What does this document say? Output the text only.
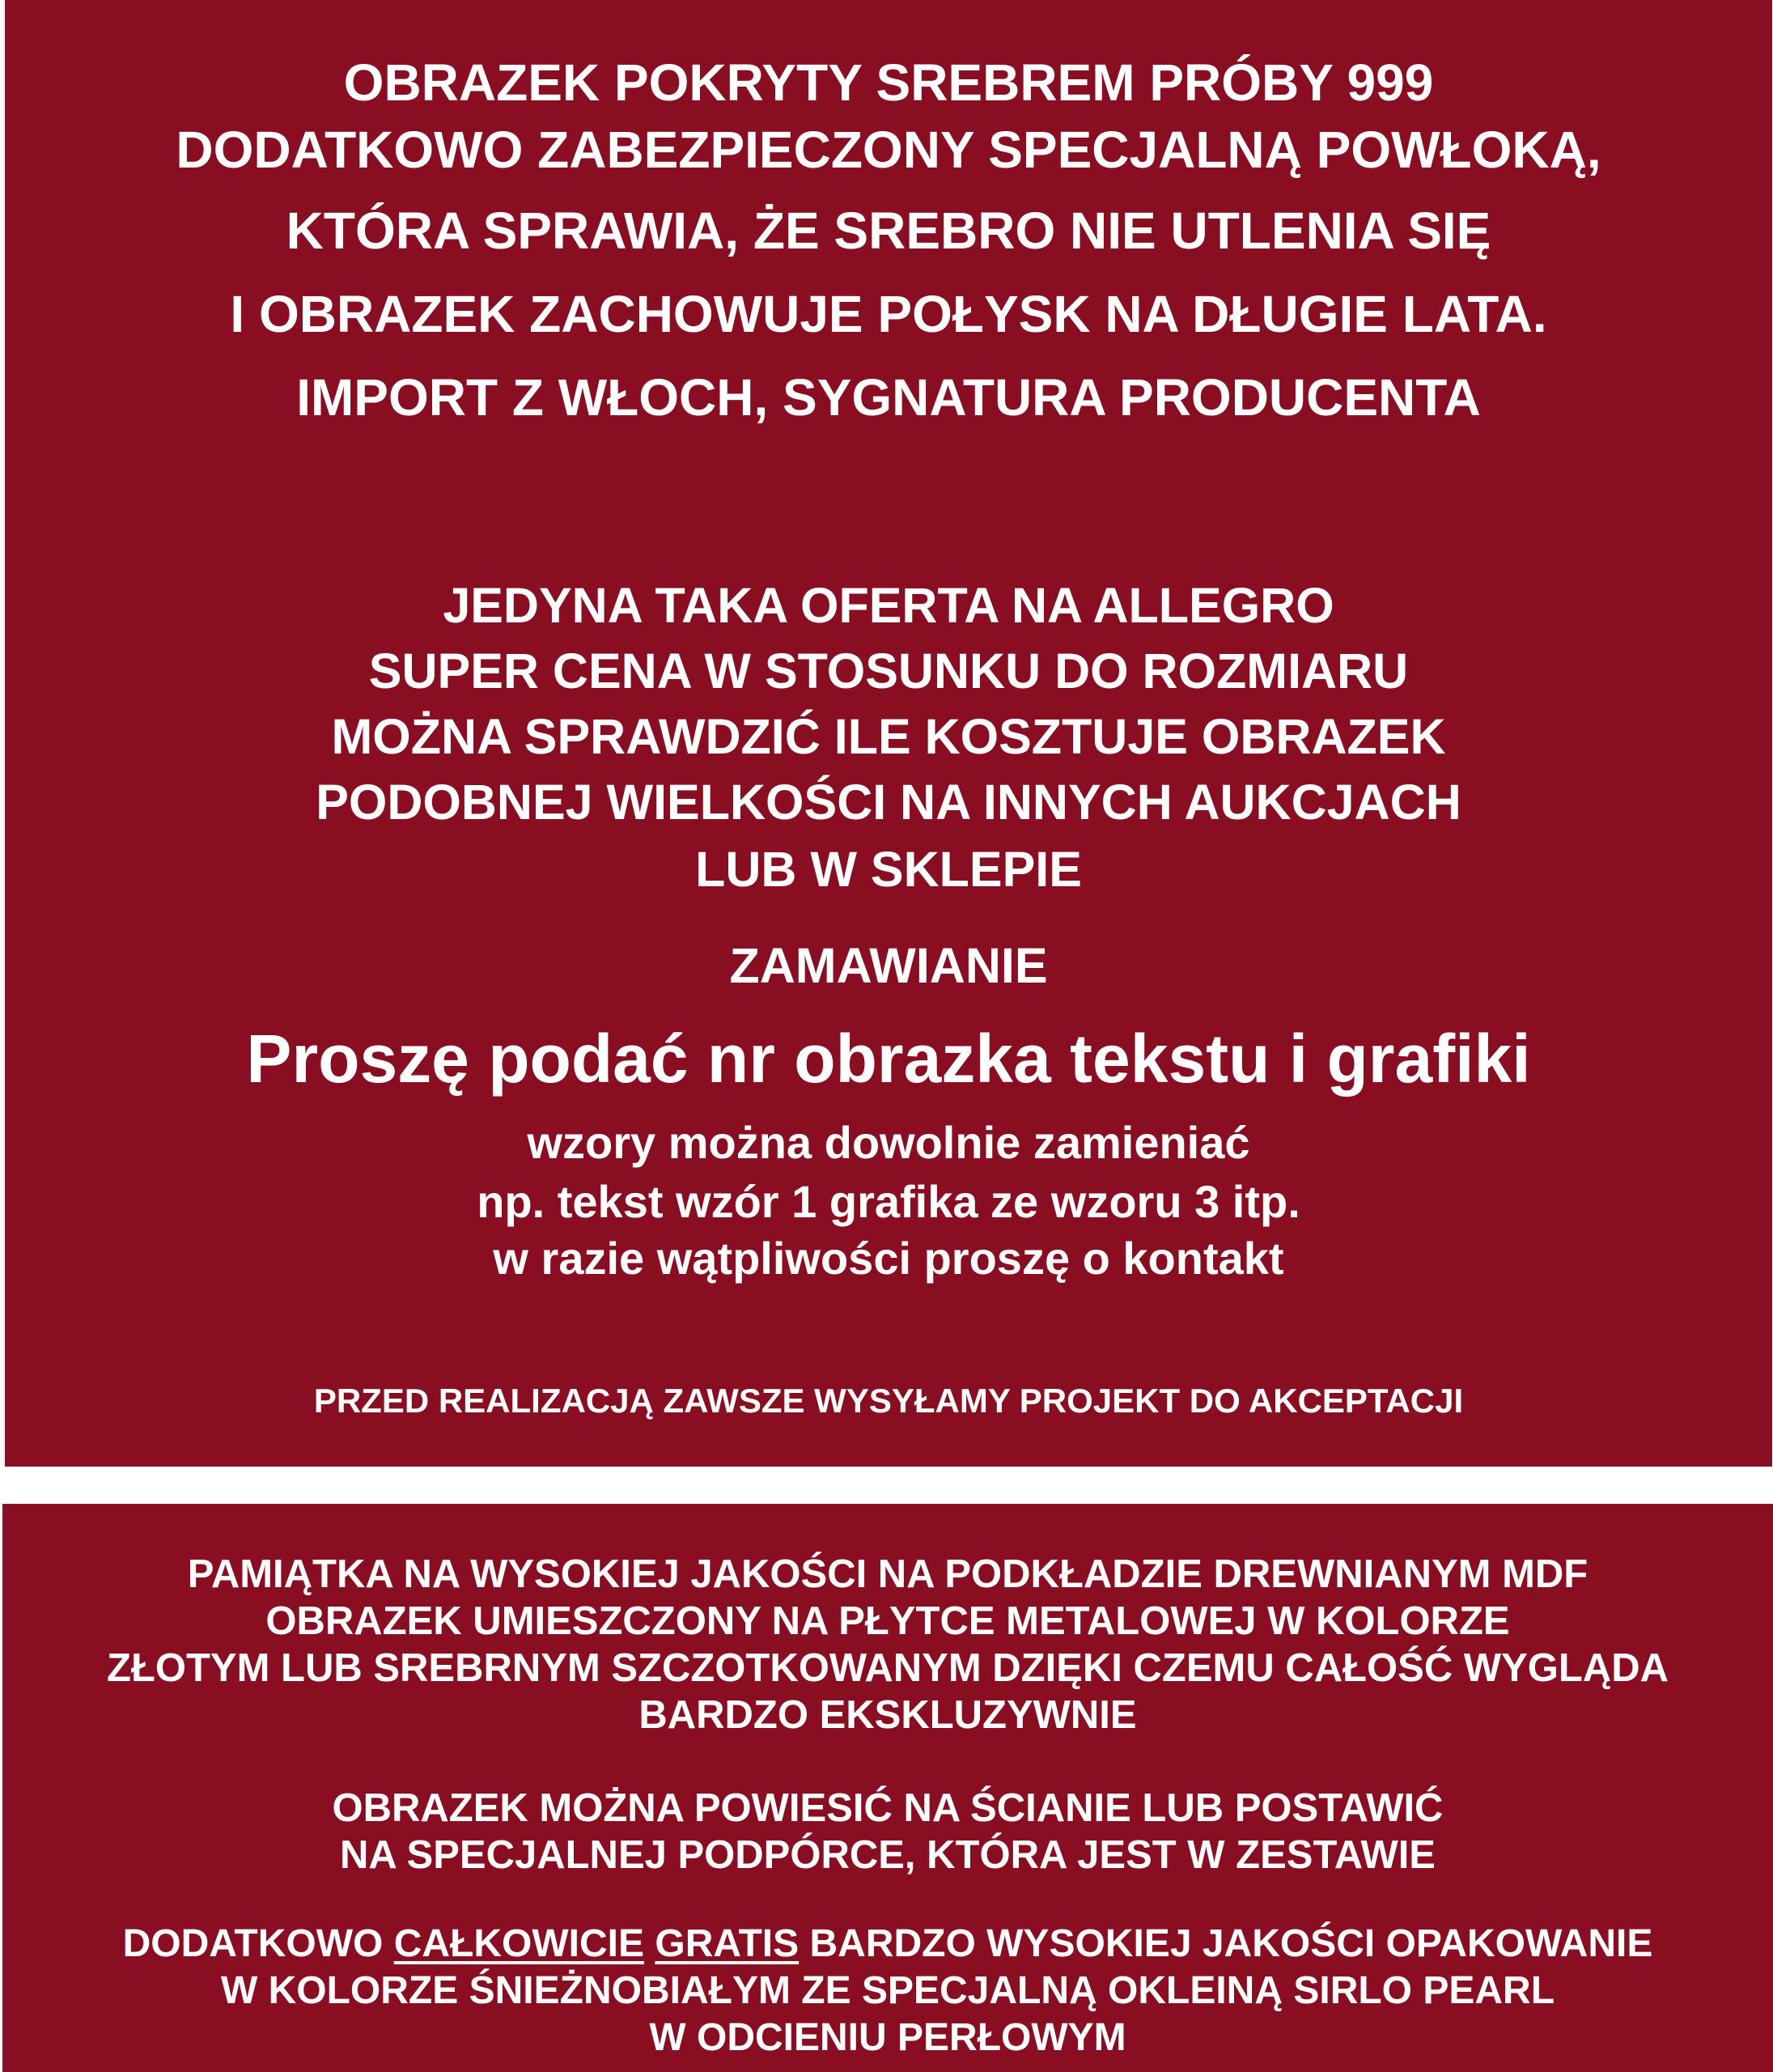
OBRAZEK POKRYTY SREBREM PRÓBY 999
DODATKOWO ZABEZPIECZONY SPECJALNĄ POWŁOKĄ,
KTÓRA SPRAWIA, ŻE SREBRO NIE UTLENIA SIĘ
I OBRAZEK ZACHOWUJE POŁYSK NA DŁUGIE LATA.
IMPORT Z WŁOCH, SYGNATURA PRODUCENTA
JEDYNA TAKA OFERTA NA ALLEGRO
SUPER CENA W STOSUNKU DO ROZMIARU
MOŻNA SPRAWDZIĆ ILE KOSZTUJE OBRAZEK
PODOBNEJ WIELKOŚCI NA INNYCH AUKCJACH
LUB W SKLEPIE
ZAMAWIANIE
Proszę podać nr obrazka tekstu i grafiki
wzory można dowolnie zamieniać
np. tekst wzór 1 grafika ze wzoru 3 itp.
w razie wątpliwości proszę o kontakt
PRZED REALIZACJĄ ZAWSZE WYSYŁAMY PROJEKT DO AKCEPTACJI
PAMIĄTKA NA WYSOKIEJ JAKOŚCI NA PODKŁADZIE DREWNIANYM MDF
OBRAZEK UMIESZCZONY NA PŁYTCE METALOWEJ W KOLORZE
ZŁOTYM LUB SREBRNYM SZCZOTKOWANYM DZIĘKI CZEMU CAŁOŚĆ WYGLĄDA
BARDZO EKSKLUZYWNIE
OBRAZEK MOŻNA POWIESIĆ NA ŚCIANIE LUB POSTAWIĆ
NA SPECJALNEJ PODPÓRCE, KTÓRA JEST W ZESTAWIE
DODATKOWO CAŁKOWICIE GRATIS BARDZO WYSOKIEJ JAKOŚCI OPAKOWANIE
W KOLORZE ŚNIEŻNOBIAŁYM ZE SPECJALNĄ OKLEINĄ SIRLO PEARL
W ODCIENIU PERŁOWYM
